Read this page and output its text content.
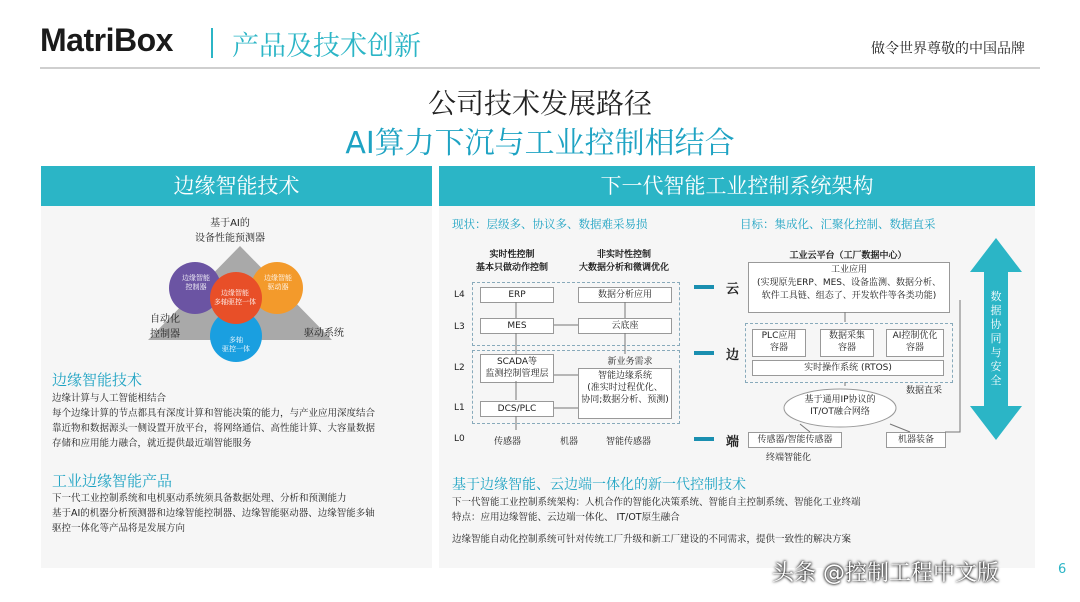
MatriBox 产品及技术创新	做令世界尊敬的中国品牌
公司技术发展路径
AI算力下沉与工业控制相结合
边缘智能技术	下一代智能工业控制系统架构
基于AI的
设备性能预测器
边缘智能
控制器
边缘智能
驱动器
边缘智能
多轴驱控一体
多轴
驱控一体
自动化
控制器	驱动系统
边缘智能技术
边缘计算与人工智能相结合
每个边缘计算的节点都具有深度计算和智能决策的能力，与产业应用深度结合
靠近物和数据源头一侧设置开放平台，将网络通信、高性能计算、大容量数据
存储和应用能力融合，就近提供最近端智能服务
工业边缘智能产品
下一代工业控制系统和电机驱动系统须具备数据处理、分析和预测能力
基于AI的机器分析预测器和边缘智能控制器、边缘智能驱动器、边缘智能多轴
驱控一体化等产品将是发展方向
现状：层级多、协议多、数据难采易损	目标：集成化、汇聚化控制、数据直采
实时性控制
基本只做动作控制
非实时性控制
大数据分析和微调优化
L4
L3
L2
L1
L0
ERP	数据分析应用
MES	云底座
SCADA等
监测控制管理层
新业务需求
智能边缘系统
(准实时过程优化、
协同;数据分析、预测)
DCS/PLC
传感器	机器	智能传感器
云
边
端
工业云平台（工厂数据中心）
工业应用
(实现原先ERP、MES、设备监测、数据分析、
软件工具链、组态了、开发软件等各类功能)
PLC应用
容器
数据采集
容器
AI控制优化
容器
实时操作系统 (RTOS)
数据直采
基于通用IP协议的
IT/OT融合网络
传感器/智能传感器	机器装备
终端智能化
数据协同与安全
基于边缘智能、云边端一体化的新一代控制技术
下一代智能工业控制系统架构：人机合作的智能化决策系统、智能自主控制系统、智能化工业终端
特点：应用边缘智能、云边端一体化、 IT/OT原生融合
边缘智能自动化控制系统可针对传统工厂升级和新工厂建设的不同需求，提供一致性的解决方案
头条 @控制工程中文版	6
